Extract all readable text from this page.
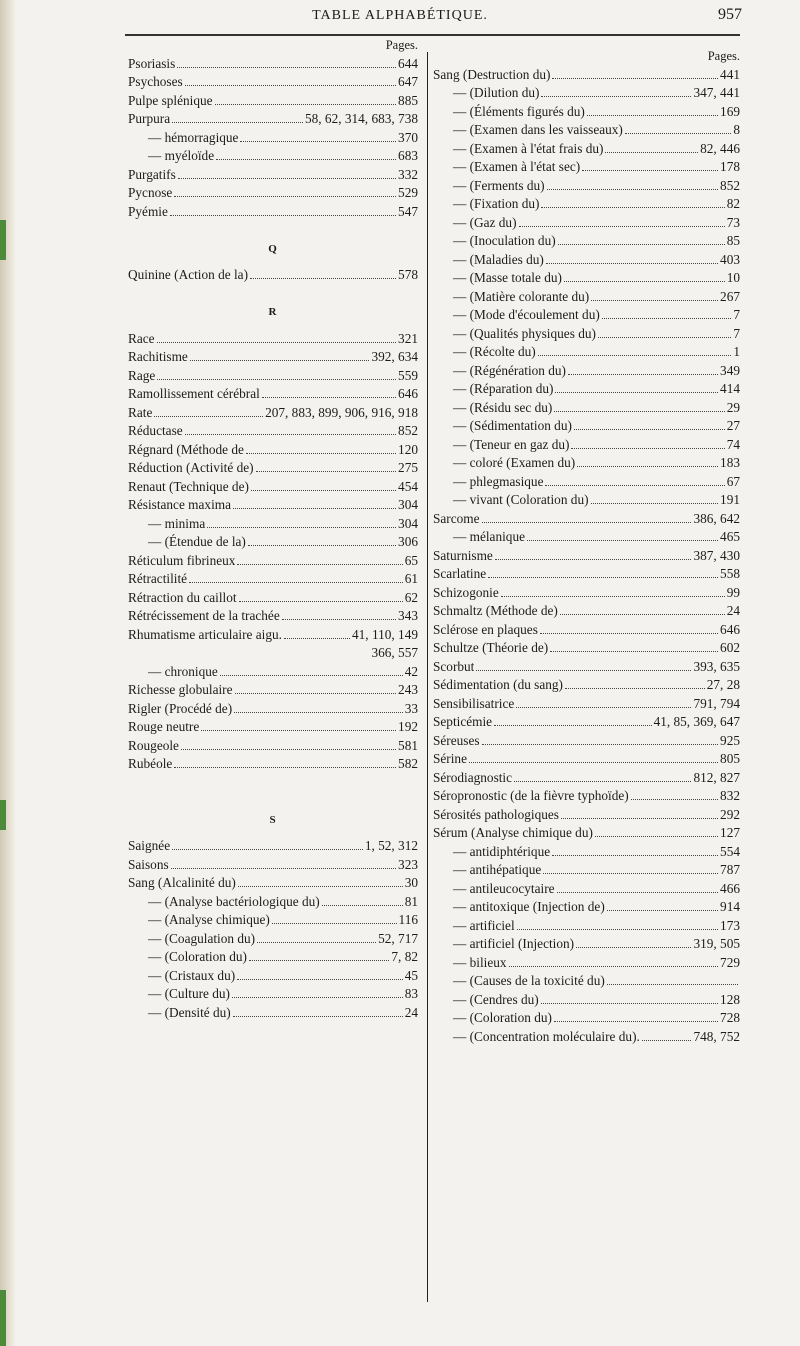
TABLE ALPHABÉTIQUE.	957
Pages.
Psoriasis	644
Psychoses	647
Pulpe splénique	885
Purpura	58, 62, 314, 683, 738
— hémorragique	370
— myéloïde	683
Purgatifs	332
Pycnose	529
Pyémie	547
Q
Quinine (Action de la)	578
R
Race	321
Rachitisme	392, 634
Rage	559
Ramollissement cérébral	646
Rate	207, 883, 899, 906, 916, 918
Réductase	852
Régnard (Méthode de	120
Réduction (Activité de)	275
Renaut (Technique de)	454
Résistance maxima	304
— minima	304
— (Étendue de la)	306
Réticulum fibrineux	65
Rétractilité	61
Rétraction du caillot	62
Rétrécissement de la trachée	343
Rhumatisme articulaire aigu.	41, 110, 149
366, 557
— chronique	42
Richesse globulaire	243
Rigler (Procédé de)	33
Rouge neutre	192
Rougeole	581
Rubéole	582
S
Saignée	1, 52, 312
Saisons	323
Sang (Alcalinité du)	30
— (Analyse bactériologique du)	81
— (Analyse chimique)	116
— (Coagulation du)	52, 717
— (Coloration du)	7, 82
— (Cristaux du)	45
— (Culture du)	83
— (Densité du)	24
Pages.
Sang (Destruction du)	441
— (Dilution du)	347, 441
— (Éléments figurés du)	169
— (Examen dans les vaisseaux)	8
— (Examen à l'état frais du)	82, 446
— (Examen à l'état sec)	178
— (Ferments du)	852
— (Fixation du)	82
— (Gaz du)	73
— (Inoculation du)	85
— (Maladies du)	403
— (Masse totale du)	10
— (Matière colorante du)	267
— (Mode d'écoulement du)	7
— (Qualités physiques du)	7
— (Récolte du)	1
— (Régénération du)	349
— (Réparation du)	414
— (Résidu sec du)	29
— (Sédimentation du)	27
— (Teneur en gaz du)	74
— coloré (Examen du)	183
— phlegmasique	67
— vivant (Coloration du)	191
Sarcome	386, 642
— mélanique	465
Saturnisme	387, 430
Scarlatine	558
Schizogonie	99
Schmaltz (Méthode de)	24
Sclérose en plaques	646
Schultze (Théorie de)	602
Scorbut	393, 635
Sédimentation (du sang)	27, 28
Sensibilisatrice	791, 794
Septicémie	41, 85, 369, 647
Séreuses	925
Sérine	805
Sérodiagnostic	812, 827
Séropronostic (de la fièvre typhoïde)	832
Sérosités pathologiques	292
Sérum (Analyse chimique du)	127
— antidiphtérique	554
— antihépatique	787
— antileucocytaire	466
— antitoxique (Injection de)	914
— artificiel	173
— artificiel (Injection)	319, 505
— bilieux	729
— (Causes de la toxicité du)
— (Cendres du)	128
— (Coloration du)	728
— (Concentration moléculaire du).	748, 752
